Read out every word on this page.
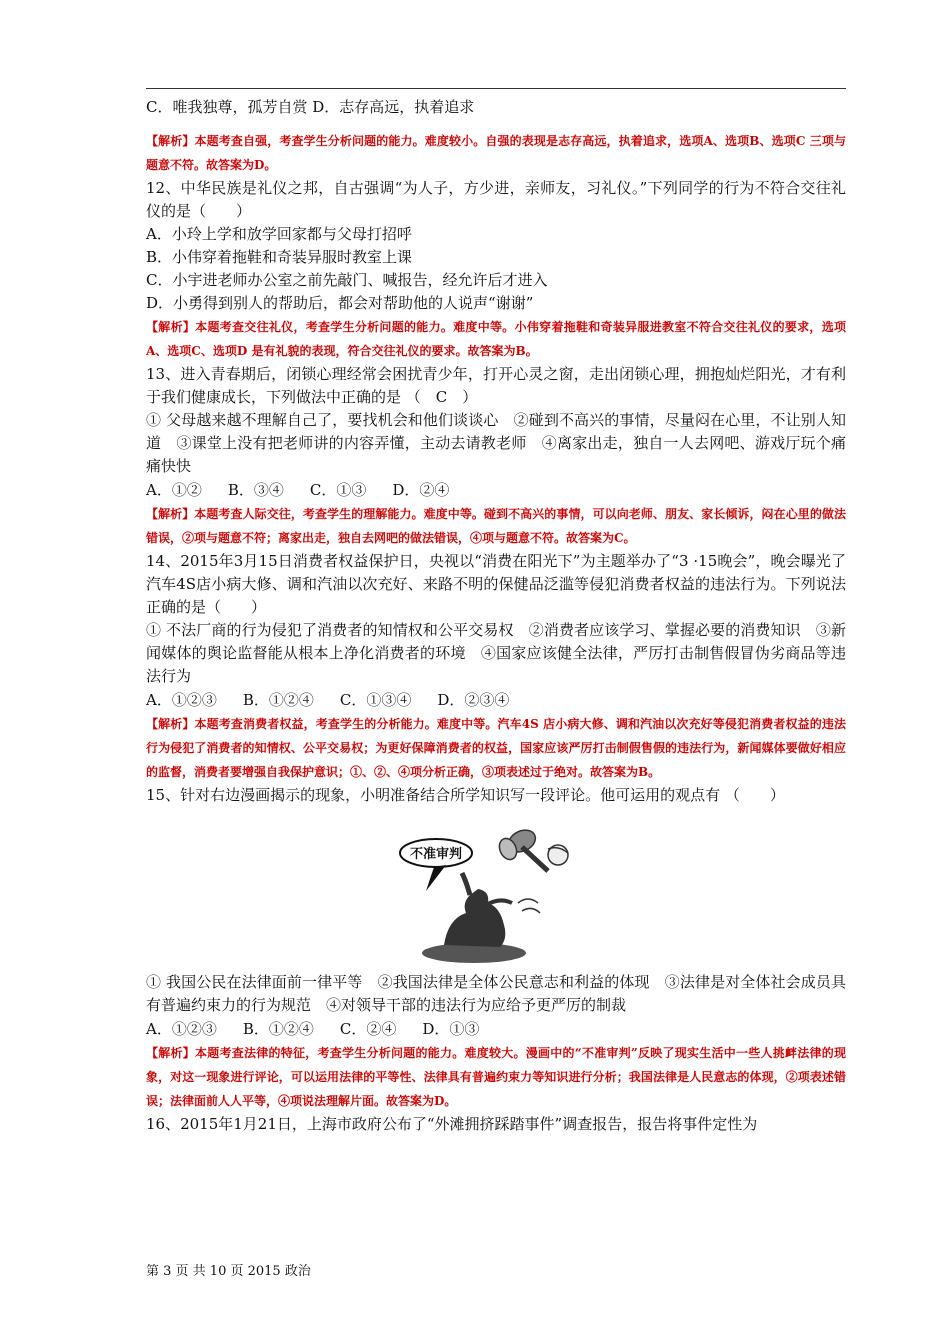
C．唯我独尊，孤芳自赏 D．志存高远，执着追求
【解析】本题考查自强，考查学生分析问题的能力。难度较小。自强的表现是志存高远，执着追求，选项A、选项B、选项C 三项与题意不符。故答案为D。
12、中华民族是礼仪之邦，自古强调“为人子，方少进，亲师友，习礼仪。”下列同学的行为不符合交往礼仪的是（　　）
A．小玲上学和放学回家都与父母打招呼
B．小伟穿着拖鞋和奇装异服时教室上课
C．小宇进老师办公室之前先敲门、喊报告，经允许后才进入
D．小勇得到别人的帮助后，都会对帮助他的人说声“谢谢”
【解析】本题考查交往礼仪，考查学生分析问题的能力。难度中等。小伟穿着拖鞋和奇装异服进教室不符合交往礼仪的要求，选项A、选项C、选项D 是有礼貌的表现，符合交往礼仪的要求。故答案为B。
13、进入青春期后，闭锁心理经常会困扰青少年，打开心灵之窗，走出闭锁心理，拥抱灿烂阳光，才有利于我们健康成长，下列做法中正确的是 （　C　）
① 父母越来越不理解自己了，要找机会和他们谈谈心　②碰到不高兴的事情，尽量闷在心里，不让别人知道　③课堂上没有把老师讲的内容弄懂，主动去请教老师　④离家出走，独自一人去网吧、游戏厅玩个痛痛快快
A．①② B．③④ C．①③ D．②④
【解析】本题考查人际交往，考查学生的理解能力。难度中等。碰到不高兴的事情，可以向老师、朋友、家长倾诉，闷在心里的做法错误，②项与题意不符；离家出走，独自去网吧的做法错误，④项与题意不符。故答案为C。
14、2015年3月15日消费者权益保护日，央视以“消费在阳光下”为主题举办了“3 ·15晚会”，晚会曝光了汽车4S店小病大修、调和汽油以次充好、来路不明的保健品泛滥等侵犯消费者权益的违法行为。下列说法正确的是（　　）
① 不法厂商的行为侵犯了消费者的知情权和公平交易权　②消费者应该学习、掌握必要的消费知识　③新闻媒体的舆论监督能从根本上净化消费者的环境　④国家应该健全法律，严厉打击制售假冒伪劣商品等违法行为
A．①②③ B．①②④ C．①③④ D．②③④
【解析】本题考查消费者权益，考查学生的分析能力。难度中等。汽车4S 店小病大修、调和汽油以次充好等侵犯消费者权益的违法行为侵犯了消费者的知情权、公平交易权；为更好保障消费者的权益，国家应该严厉打击制假售假的违法行为，新闻媒体要做好相应的监督，消费者要增强自我保护意识；①、②、④项分析正确，③项表述过于绝对。故答案为B。
15、针对右边漫画揭示的现象，小明准备结合所学知识写一段评论。他可运用的观点有 （　　）
不准审判
① 我国公民在法律面前一律平等　②我国法律是全体公民意志和利益的体现　③法律是对全体社会成员具有普遍约束力的行为规范　④对领导干部的违法行为应给予更严厉的制裁
A．①②③ B．①②④ C．②④ D．①③
【解析】本题考查法律的特征，考查学生分析问题的能力。难度较大。漫画中的“不准审判”反映了现实生活中一些人挑衅法律的现象，对这一现象进行评论，可以运用法律的平等性、法律具有普遍约束力等知识进行分析；我国法律是人民意志的体现，②项表述错误；法律面前人人平等，④项说法理解片面。故答案为D。
16、2015年1月21日，上海市政府公布了“外滩拥挤踩踏事件”调查报告，报告将事件定性为
第 3 页 共 10 页 2015 政治
